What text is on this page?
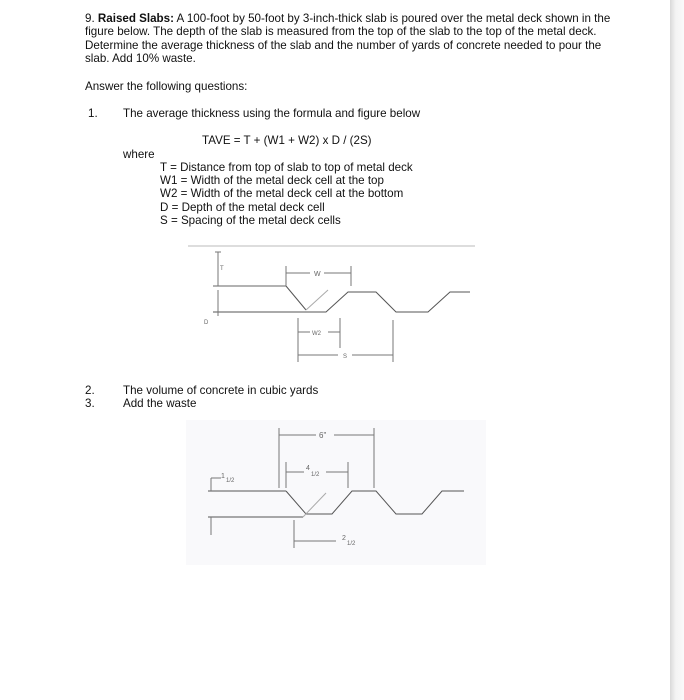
9. Raised Slabs: A 100-foot by 50-foot by 3-inch-thick slab is poured over the metal deck shown in the figure below. The depth of the slab is measured from the top of the slab to the top of the metal deck. Determine the average thickness of the slab and the number of yards of concrete needed to pour the slab. Add 10% waste.
Answer the following questions:
1. The average thickness using the formula and figure below
TAVE = T + (W1 + W2) x D / (2S)
where
T = Distance from top of slab to top of metal deck
W1 = Width of the metal deck cell at the top
W2 = Width of the metal deck cell at the bottom
D = Depth of the metal deck cell
S = Spacing of the metal deck cells
T
D
W
W2
S
2. The volume of concrete in cubic yards
3. Add the waste
1
1/2
6"
4
1/2
2
1/2
